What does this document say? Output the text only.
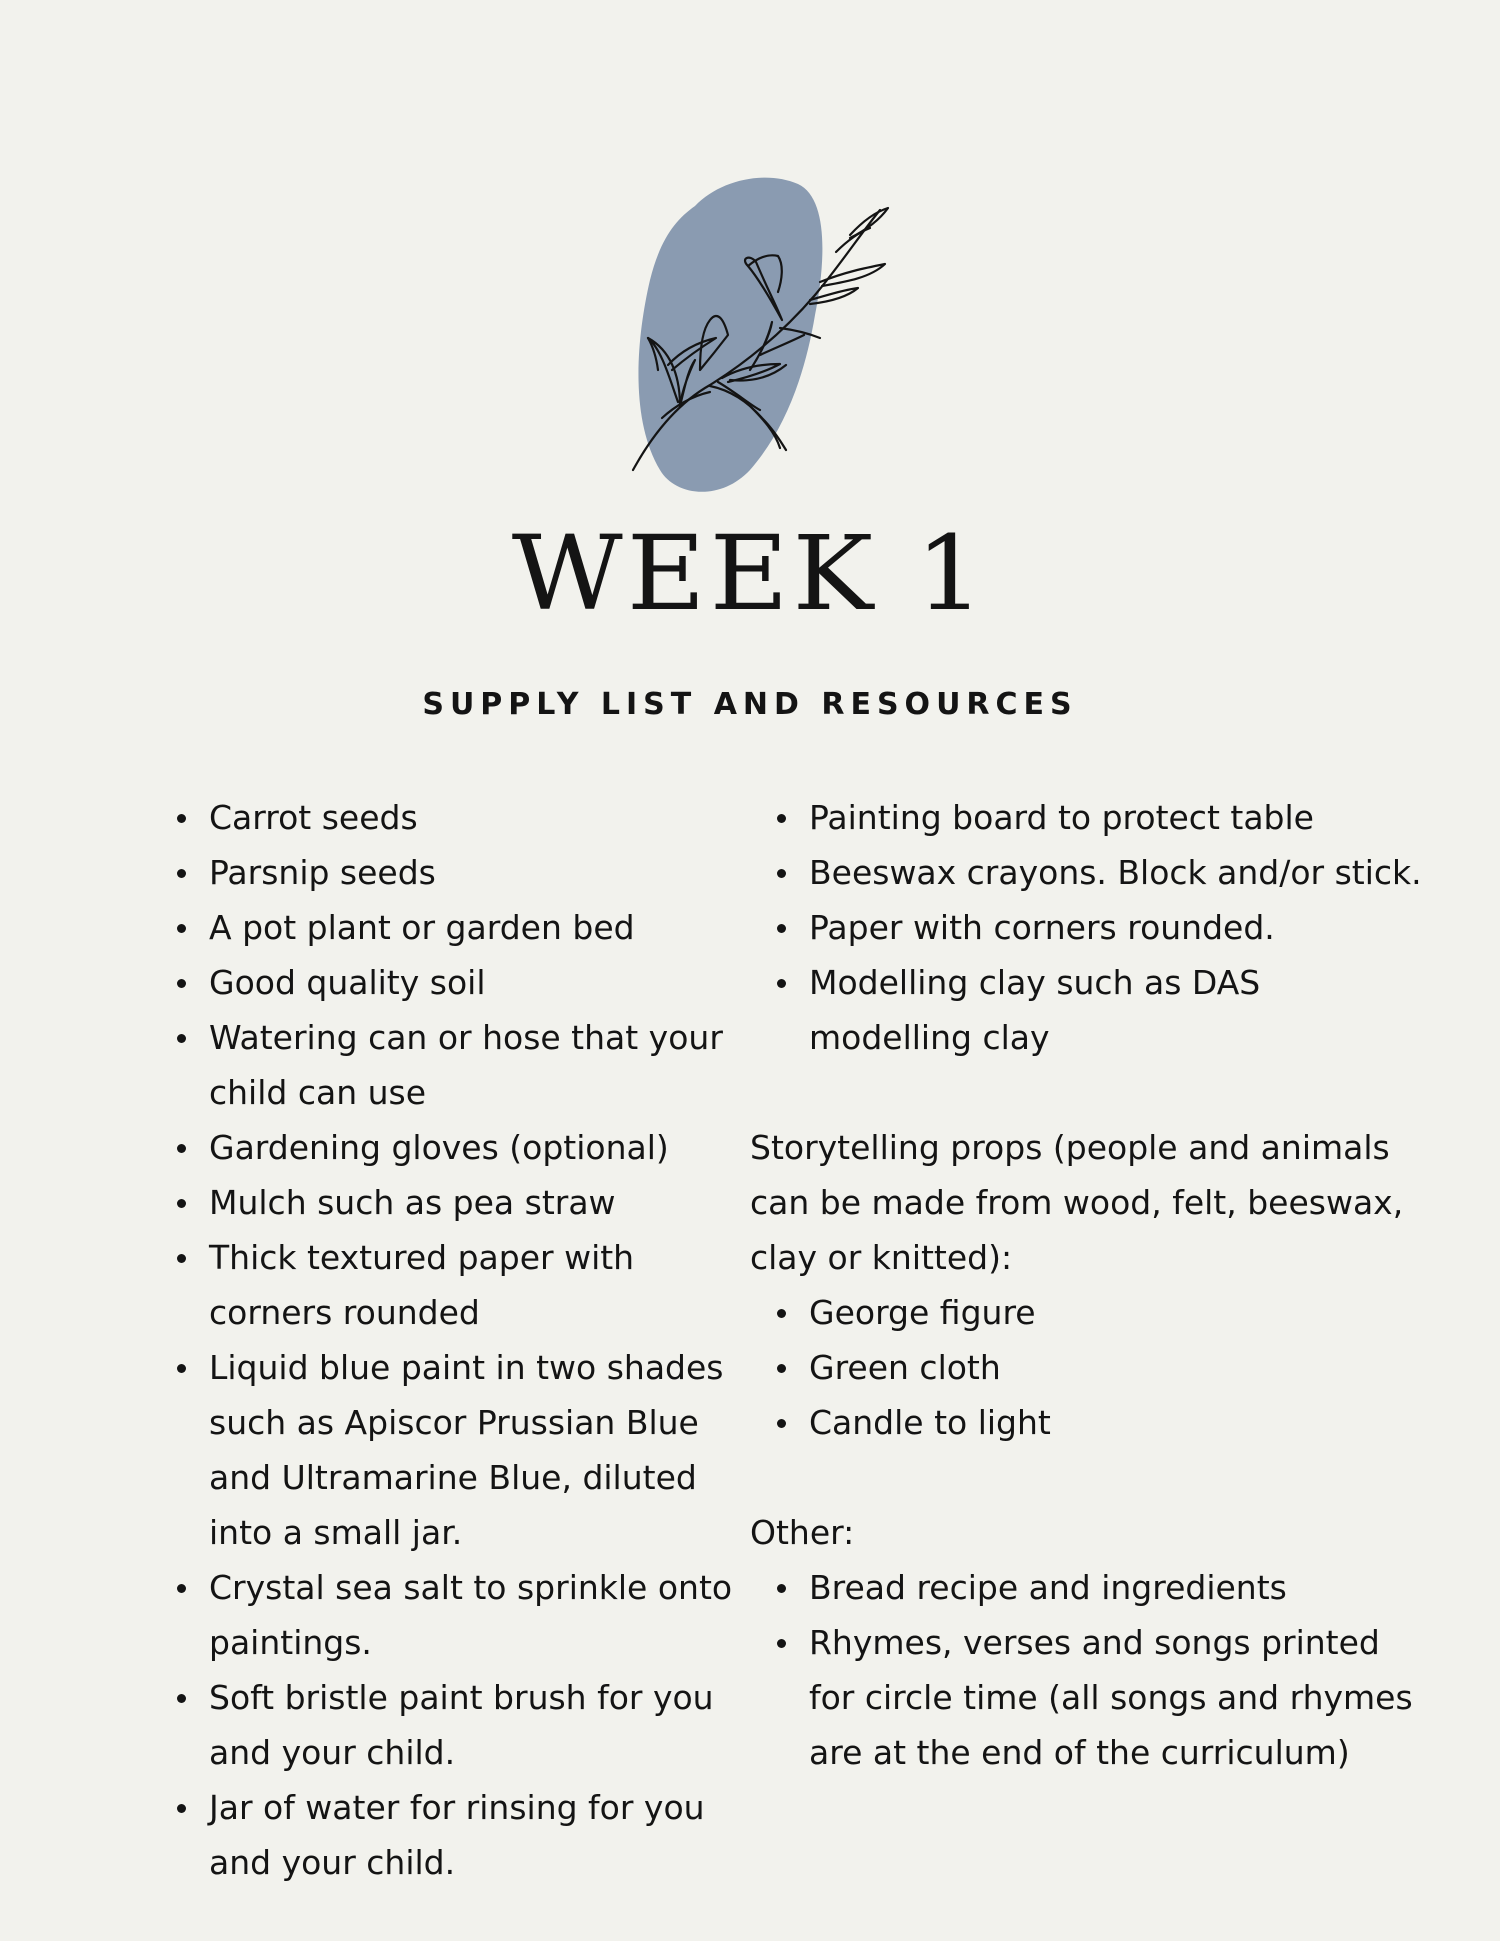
WEEK 1
SUPPLY LIST AND RESOURCES
Carrot seeds
Parsnip seeds
A pot plant or garden bed
Good quality soil
Watering can or hose that your child can use
Gardening gloves (optional)
Mulch such as pea straw
Thick textured paper with corners rounded
Liquid blue paint in two shades such as Apiscor Prussian Blue and Ultramarine Blue, diluted into a small jar.
Crystal sea salt to sprinkle onto paintings.
Soft bristle paint brush for you and your child.
Jar of water for rinsing for you and your child.
Painting board to protect table
Beeswax crayons. Block and/or stick.
Paper with corners rounded.
Modelling clay such as DAS modelling clay

Storytelling props (people and animals can be made from wood, felt, beeswax, clay or knitted):

George figure
Green cloth
Candle to light

Other:

Bread recipe and ingredients
Rhymes, verses and songs printed for circle time (all songs and rhymes are at the end of the curriculum)
